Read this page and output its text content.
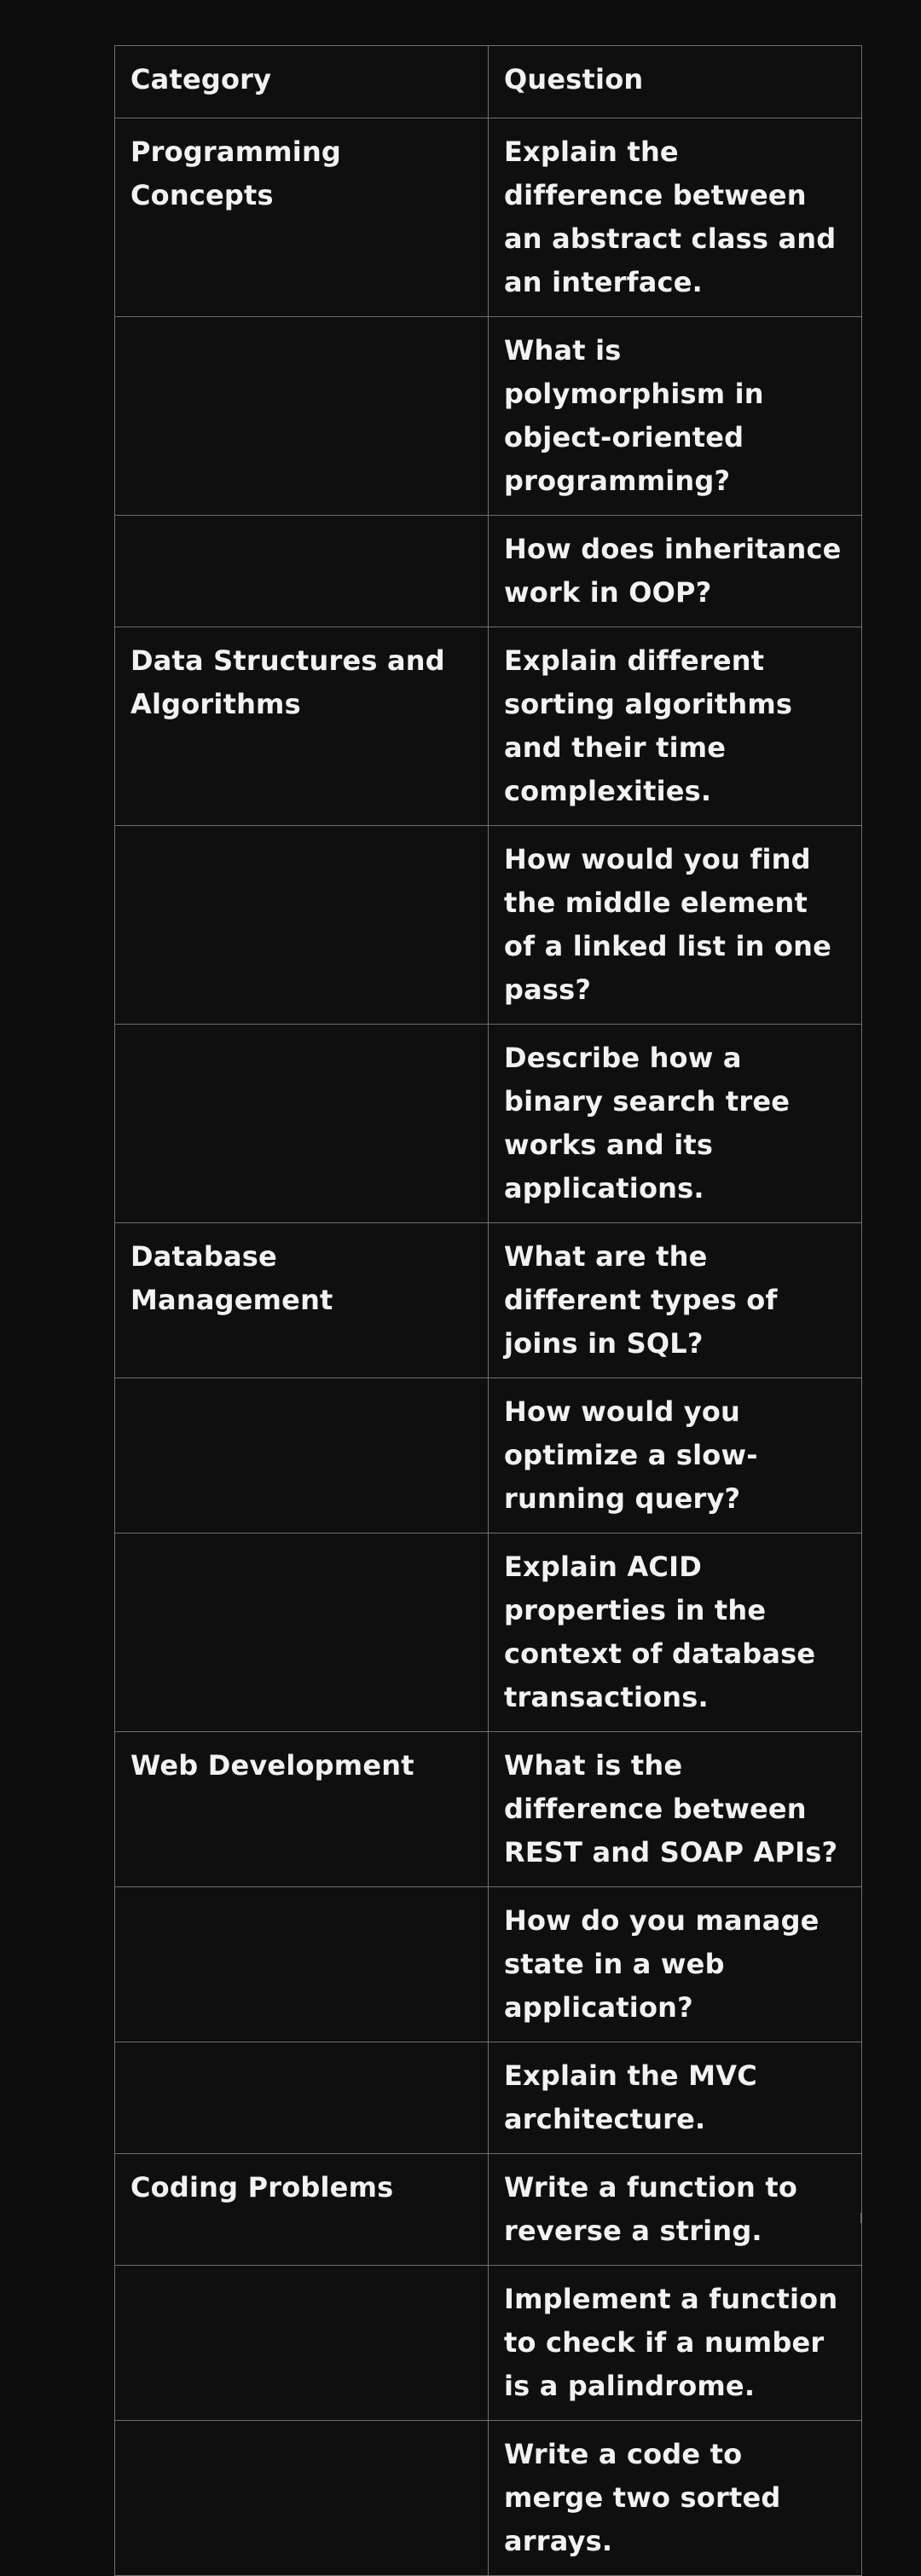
Category	Question
Programming Concepts	Explain the difference between an abstract class and an interface.
	What is polymorphism in object-oriented programming?
	How does inheritance work in OOP?
Data Structures and Algorithms	Explain different sorting algorithms and their time complexities.
	How would you find the middle element of a linked list in one pass?
	Describe how a binary search tree works and its applications.
Database Management	What are the different types of joins in SQL?
	How would you optimize a slow-running query?
	Explain ACID properties in the context of database transactions.
Web Development	What is the difference between REST and SOAP APIs?
	How do you manage state in a web application?
	Explain the MVC architecture.
Coding Problems	Write a function to reverse a string.
	Implement a function to check if a number is a palindrome.
	Write a code to merge two sorted arrays.
